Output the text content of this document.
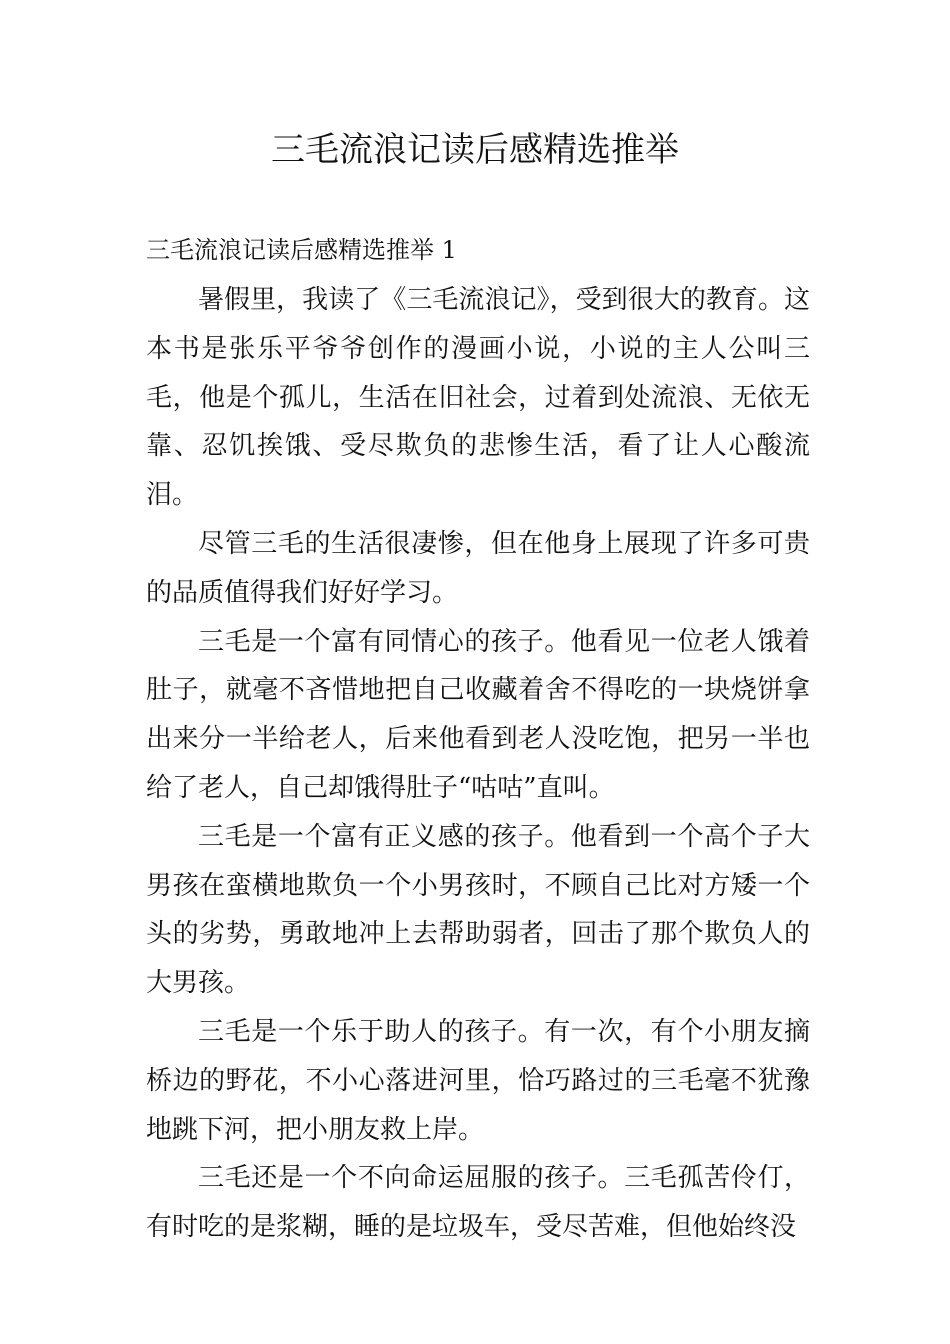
三毛流浪记读后感精选推举

三毛流浪记读后感精选推举 1

暑假里，我读了《三毛流浪记》，受到很大的教育。这本书是张乐平爷爷创作的漫画小说，小说的主人公叫三毛，他是个孤儿，生活在旧社会，过着到处流浪、无依无靠、忍饥挨饿、受尽欺负的悲惨生活，看了让人心酸流泪。

尽管三毛的生活很凄惨，但在他身上展现了许多可贵的品质值得我们好好学习。

三毛是一个富有同情心的孩子。他看见一位老人饿着肚子，就毫不吝惜地把自己收藏着舍不得吃的一块烧饼拿出来分一半给老人，后来他看到老人没吃饱，把另一半也给了老人，自己却饿得肚子“咕咕”直叫。

三毛是一个富有正义感的孩子。他看到一个高个子大男孩在蛮横地欺负一个小男孩时，不顾自己比对方矮一个头的劣势，勇敢地冲上去帮助弱者，回击了那个欺负人的大男孩。

三毛是一个乐于助人的孩子。有一次，有个小朋友摘桥边的野花，不小心落进河里，恰巧路过的三毛毫不犹豫地跳下河，把小朋友救上岸。

三毛还是一个不向命运屈服的孩子。三毛孤苦伶仃，有时吃的是浆糊，睡的是垃圾车，受尽苦难，但他始终没
